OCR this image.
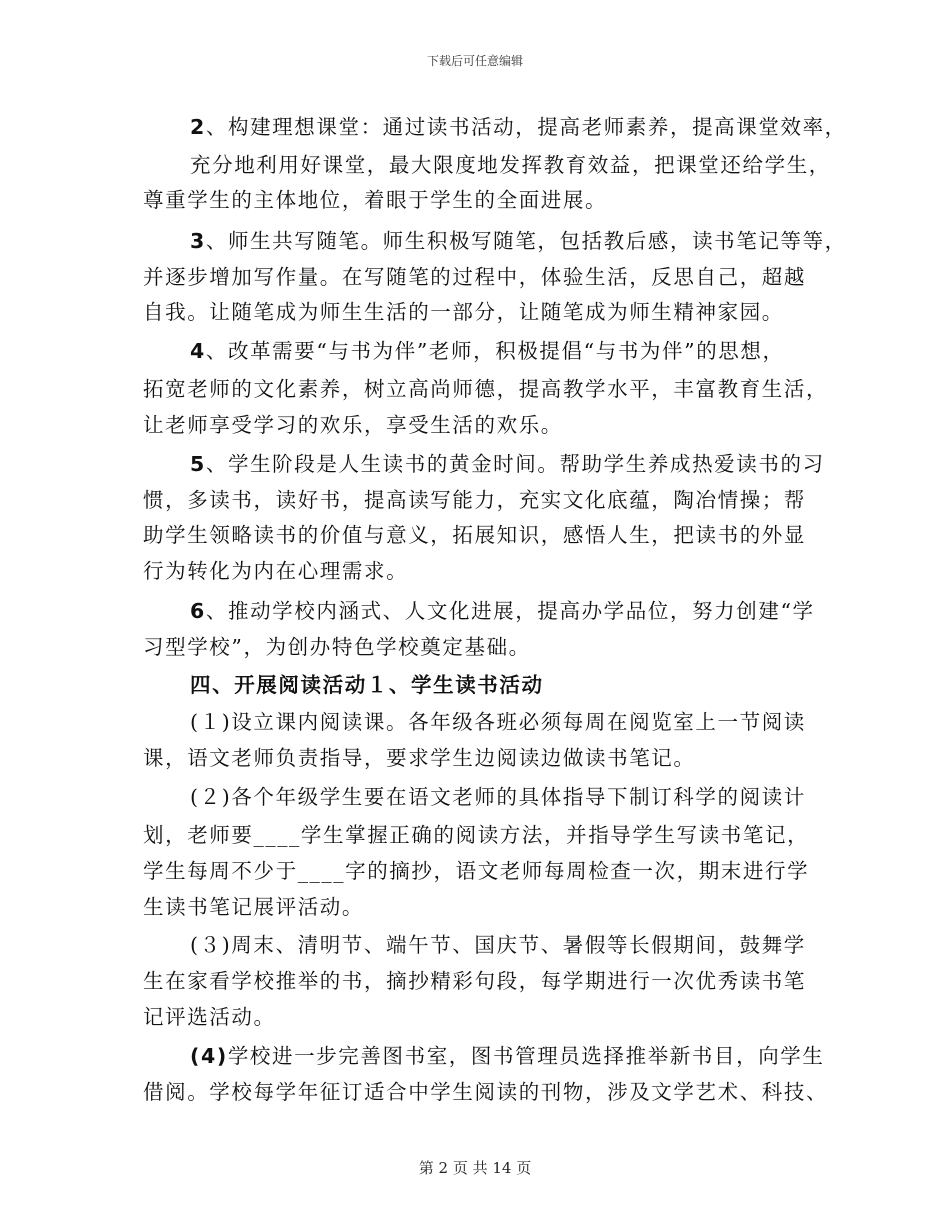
下载后可任意编辑
2、构建理想课堂：通过读书活动，提高老师素养，提高课堂效率，
充分地利用好课堂，最大限度地发挥教育效益，把课堂还给学生，
尊重学生的主体地位，着眼于学生的全面进展。
3、师生共写随笔。师生积极写随笔，包括教后感，读书笔记等等，
并逐步增加写作量。在写随笔的过程中，体验生活，反思自己，超越
自我。让随笔成为师生生活的一部分，让随笔成为师生精神家园。
4、改革需要“与书为伴”老师，积极提倡“与书为伴”的思想，
拓宽老师的文化素养，树立高尚师德，提高教学水平，丰富教育生活，
让老师享受学习的欢乐，享受生活的欢乐。
5、学生阶段是人生读书的黄金时间。帮助学生养成热爱读书的习
惯，多读书，读好书，提高读写能力，充实文化底蕴，陶冶情操；帮
助学生领略读书的价值与意义，拓展知识，感悟人生，把读书的外显
行为转化为内在心理需求。
6、推动学校内涵式、人文化进展，提高办学品位，努力创建“学
习型学校”，为创办特色学校奠定基础。
四、开展阅读活动１、学生读书活动
(１)设立课内阅读课。各年级各班必须每周在阅览室上一节阅读
课，语文老师负责指导，要求学生边阅读边做读书笔记。
(２)各个年级学生要在语文老师的具体指导下制订科学的阅读计
划，老师要____学生掌握正确的阅读方法，并指导学生写读书笔记，
学生每周不少于____字的摘抄，语文老师每周检查一次，期末进行学
生读书笔记展评活动。
(３)周末、清明节、端午节、国庆节、暑假等长假期间，鼓舞学
生在家看学校推举的书，摘抄精彩句段，每学期进行一次优秀读书笔
记评选活动。
(4)学校进一步完善图书室，图书管理员选择推举新书目，向学生
借阅。学校每学年征订适合中学生阅读的刊物，涉及文学艺术、科技、
第 2 页 共 14 页
